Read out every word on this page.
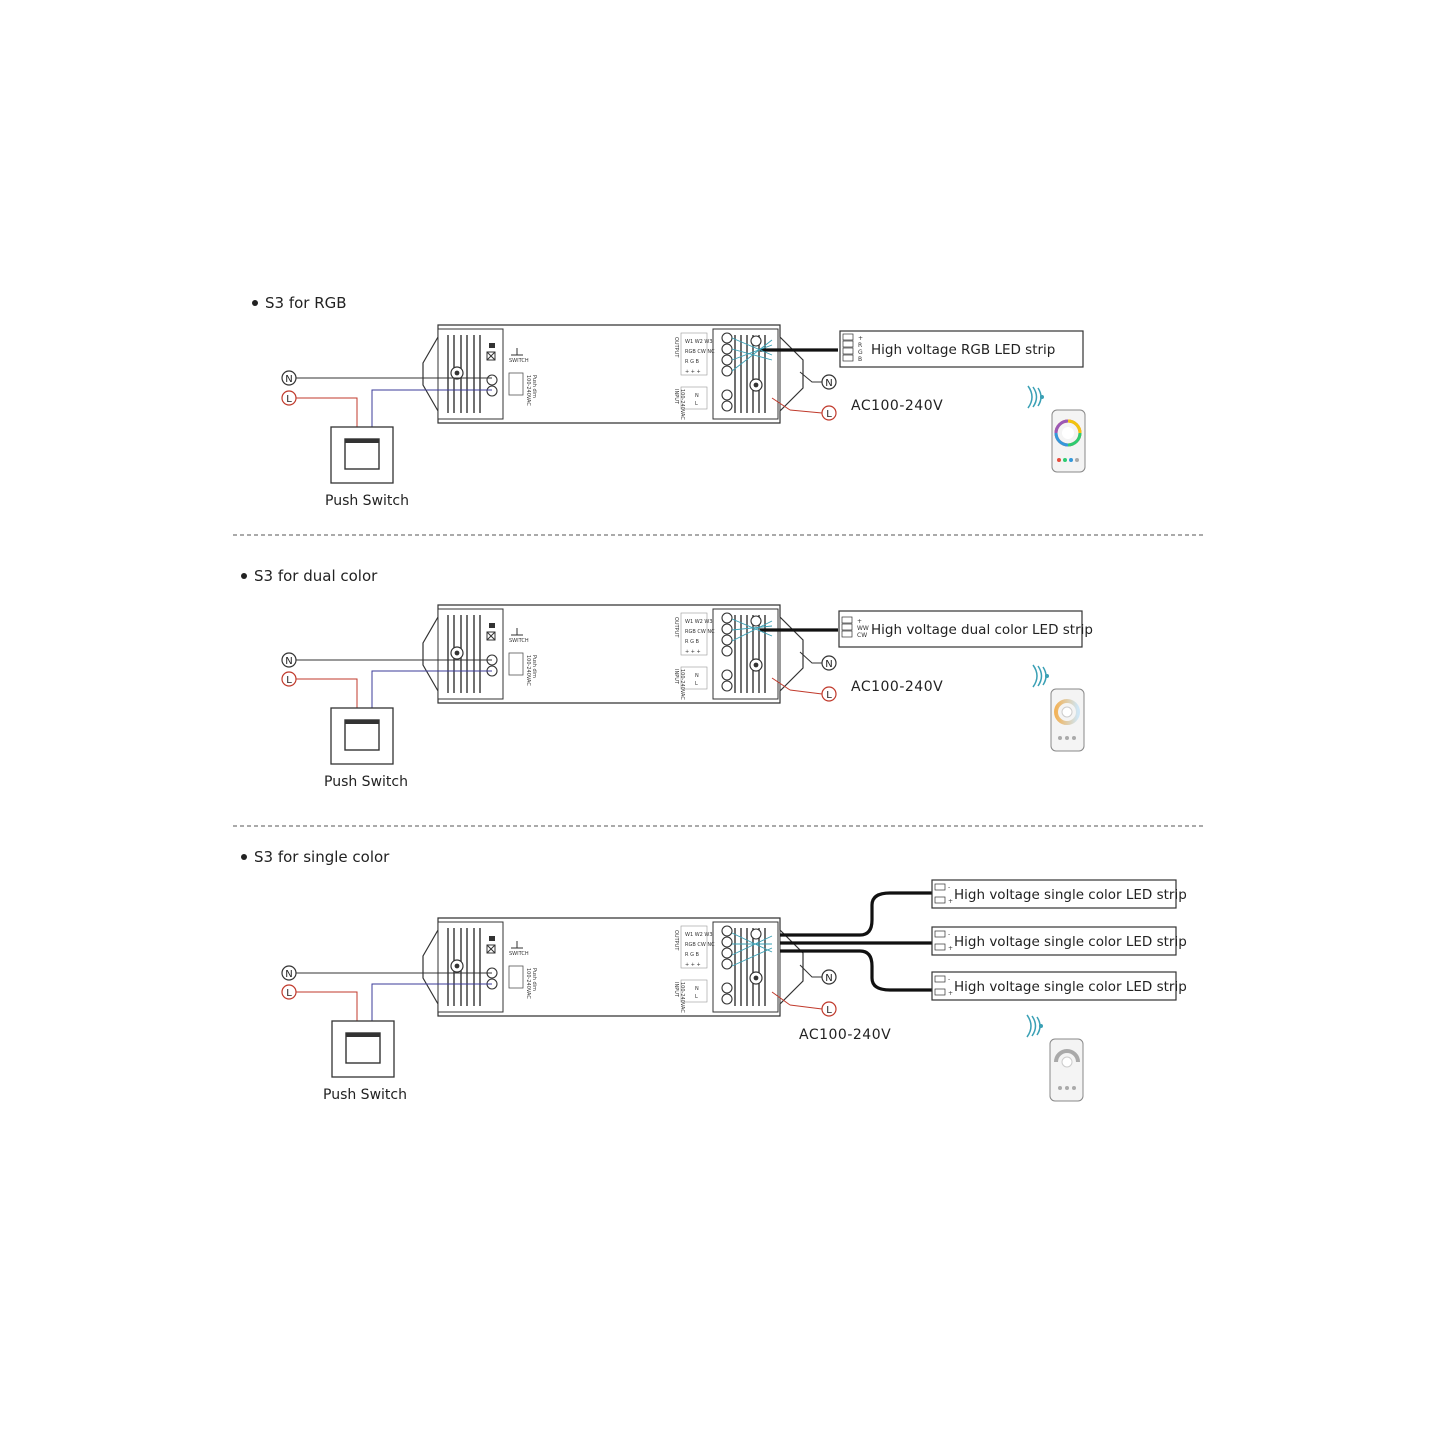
SWITCH
100-240VAC Push dim
OUTPUT	W1 W2 W3
RGB CW NC
R G B
+ + +
INPUT 100-240VAC	N
L
S3 for RGB
N
L
Push Switch
N
L
AC100-240V
+
R
G
B
High voltage RGB LED strip
S3 for dual color
N
L
Push Switch
N
L
AC100-240V
+
WW
CW High voltage dual color LED strip
S3 for single color
N
L
Push Switch
N
L
AC100-240V
-
+ High voltage single color LED strip
-
+ High voltage single color LED strip
-
+ High voltage single color LED strip
